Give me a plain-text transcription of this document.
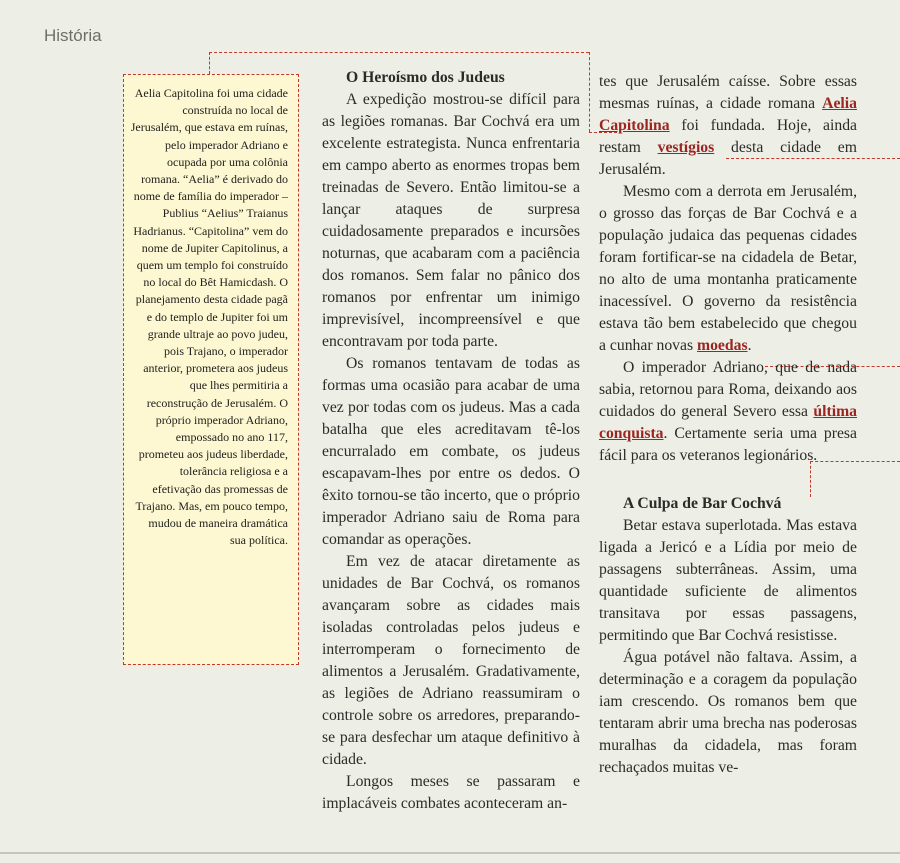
História

Aelia Capitolina foi uma cidade construída no local de Jerusalém, que estava em ruínas, pelo imperador Adriano e ocupada por uma colônia romana. “Aelia” é derivado do nome de família do imperador – Publius “Aelius” Traianus Hadrianus. “Capitolina” vem do nome de Jupiter Capitolinus, a quem um templo foi construído no local do Bêt Hamicdash. O planejamento desta cidade pagã e do templo de Jupiter foi um grande ultraje ao povo judeu, pois Trajano, o imperador anterior, prometera aos judeus que lhes permitiria a reconstrução de Jerusalém. O próprio imperador Adriano, empossado no ano 117, prometeu aos judeus liberdade, tolerância religiosa e a efetivação das promessas de Trajano. Mas, em pouco tempo, mudou de maneira dramática sua política.

O Heroísmo dos Judeus

A expedição mostrou-se difícil para as legiões romanas. Bar Cochvá era um excelente estrategista. Nunca enfrentaria em campo aberto as enormes tropas bem treinadas de Severo. Então limitou-se a lançar ataques de surpresa cuidadosamente preparados e incursões noturnas, que acabaram com a paciência dos romanos. Sem falar no pânico dos romanos por enfrentar um inimigo imprevisível, incompreensível e que encontravam por toda parte.

Os romanos tentavam de todas as formas uma ocasião para acabar de uma vez por todas com os judeus. Mas a cada batalha que eles acreditavam tê-los encurralado em combate, os judeus escapavam-lhes por entre os dedos. O êxito tornou-se tão incerto, que o próprio imperador Adriano saiu de Roma para comandar as operações.

Em vez de atacar diretamente as unidades de Bar Cochvá, os romanos avançaram sobre as cidades mais isoladas controladas pelos judeus e interromperam o fornecimento de alimentos a Jerusalém. Gradativamente, as legiões de Adriano reassumiram o controle sobre os arredores, preparando-se para desfechar um ataque definitivo à cidade.

Longos meses se passaram e implacáveis combates aconteceram an-

tes que Jerusalém caísse. Sobre essas mesmas ruínas, a cidade romana Aelia Capitolina foi fundada. Hoje, ainda restam vestígios desta cidade em Jerusalém.

Mesmo com a derrota em Jerusalém, o grosso das forças de Bar Cochvá e a população judaica das pequenas cidades foram fortificar-se na cidadela de Betar, no alto de uma montanha praticamente inacessível. O governo da resistência estava tão bem estabelecido que chegou a cunhar novas moedas.

O imperador Adriano, que de nada sabia, retornou para Roma, deixando aos cuidados do general Severo essa última conquista. Certamente seria uma presa fácil para os veteranos legionários.

A Culpa de Bar Cochvá

Betar estava superlotada. Mas estava ligada a Jericó e a Lídia por meio de passagens subterrâneas. Assim, uma quantidade suficiente de alimentos transitava por essas passagens, permitindo que Bar Cochvá resistisse.

Água potável não faltava. Assim, a determinação e a coragem da população iam crescendo. Os romanos bem que tentaram abrir uma brecha nas poderosas muralhas da cidadela, mas foram rechaçados muitas ve-
